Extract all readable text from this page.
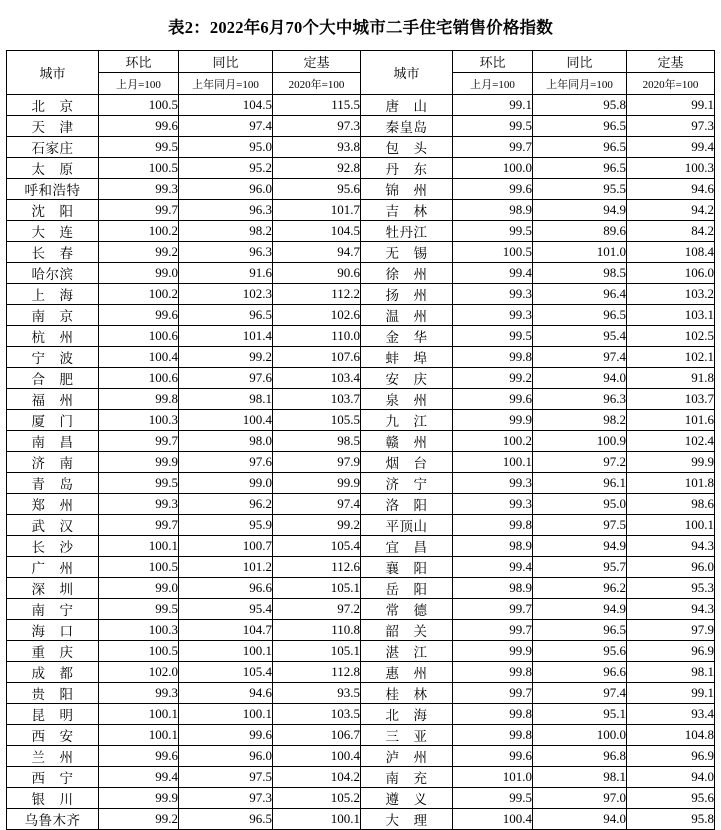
表2：2022年6月70个大中城市二手住宅销售价格指数
城市	环比	同比	定基	城市	环比	同比	定基
	上月=100	上年同月=100	2020年=100		上月=100	上年同月=100	2020年=100
北　京	100.5	104.5	115.5	唐　山	99.1	95.8	99.1
天　津	99.6	97.4	97.3	秦皇岛	99.5	96.5	97.3
石家庄	99.5	95.0	93.8	包　头	99.7	96.5	99.4
太　原	100.5	95.2	92.8	丹　东	100.0	96.5	100.3
呼和浩特	99.3	96.0	95.6	锦　州	99.6	95.5	94.6
沈　阳	99.7	96.3	101.7	吉　林	98.9	94.9	94.2
大　连	100.2	98.2	104.5	牡丹江	99.5	89.6	84.2
长　春	99.2	96.3	94.7	无　锡	100.5	101.0	108.4
哈尔滨	99.0	91.6	90.6	徐　州	99.4	98.5	106.0
上　海	100.2	102.3	112.2	扬　州	99.3	96.4	103.2
南　京	99.6	96.5	102.6	温　州	99.3	96.5	103.1
杭　州	100.6	101.4	110.0	金　华	99.5	95.4	102.5
宁　波	100.4	99.2	107.6	蚌　埠	99.8	97.4	102.1
合　肥	100.6	97.6	103.4	安　庆	99.2	94.0	91.8
福　州	99.8	98.1	103.7	泉　州	99.6	96.3	103.7
厦　门	100.3	100.4	105.5	九　江	99.9	98.2	101.6
南　昌	99.7	98.0	98.5	赣　州	100.2	100.9	102.4
济　南	99.9	97.6	97.9	烟　台	100.1	97.2	99.9
青　岛	99.5	99.0	99.9	济　宁	99.3	96.1	101.8
郑　州	99.3	96.2	97.4	洛　阳	99.3	95.0	98.6
武　汉	99.7	95.9	99.2	平顶山	99.8	97.5	100.1
长　沙	100.1	100.7	105.4	宜　昌	98.9	94.9	94.3
广　州	100.5	101.2	112.6	襄　阳	99.4	95.7	96.0
深　圳	99.0	96.6	105.1	岳　阳	98.9	96.2	95.3
南　宁	99.5	95.4	97.2	常　德	99.7	94.9	94.3
海　口	100.3	104.7	110.8	韶　关	99.7	96.5	97.9
重　庆	100.5	100.1	105.1	湛　江	99.9	95.6	96.9
成　都	102.0	105.4	112.8	惠　州	99.8	96.6	98.1
贵　阳	99.3	94.6	93.5	桂　林	99.7	97.4	99.1
昆　明	100.1	100.1	103.5	北　海	99.8	95.1	93.4
西　安	100.1	99.6	106.7	三　亚	99.8	100.0	104.8
兰　州	99.6	96.0	100.4	泸　州	99.6	96.8	96.9
西　宁	99.4	97.5	104.2	南　充	101.0	98.1	94.0
银　川	99.9	97.3	105.2	遵　义	99.5	97.0	95.6
乌鲁木齐	99.2	96.5	100.1	大　理	100.4	94.0	95.8
